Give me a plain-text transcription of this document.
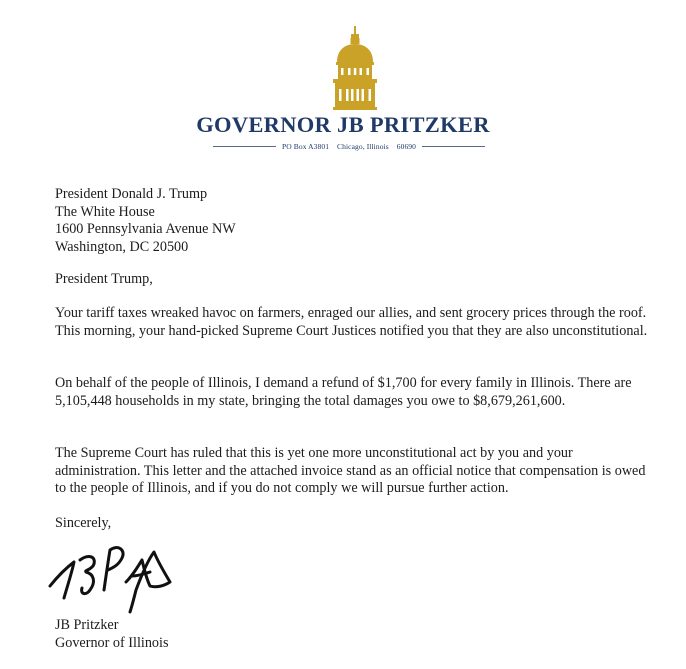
GOVERNOR JB PRITZKER
PO Box A3801 Chicago, Illinois 60690
President Donald J. Trump
The White House
1600 Pennsylvania Avenue NW
Washington, DC 20500
President Trump,
Your tariff taxes wreaked havoc on farmers, enraged our allies, and sent grocery prices through the roof. This morning, your hand-picked Supreme Court Justices notified you that they are also unconstitutional.
On behalf of the people of Illinois, I demand a refund of $1,700 for every family in Illinois. There are 5,105,448 households in my state, bringing the total damages you owe to $8,679,261,600.
The Supreme Court has ruled that this is yet one more unconstitutional act by you and your administration. This letter and the attached invoice stand as an official notice that compensation is owed to the people of Illinois, and if you do not comply we will pursue further action.
Sincerely,
JB Pritzker
Governor of Illinois
